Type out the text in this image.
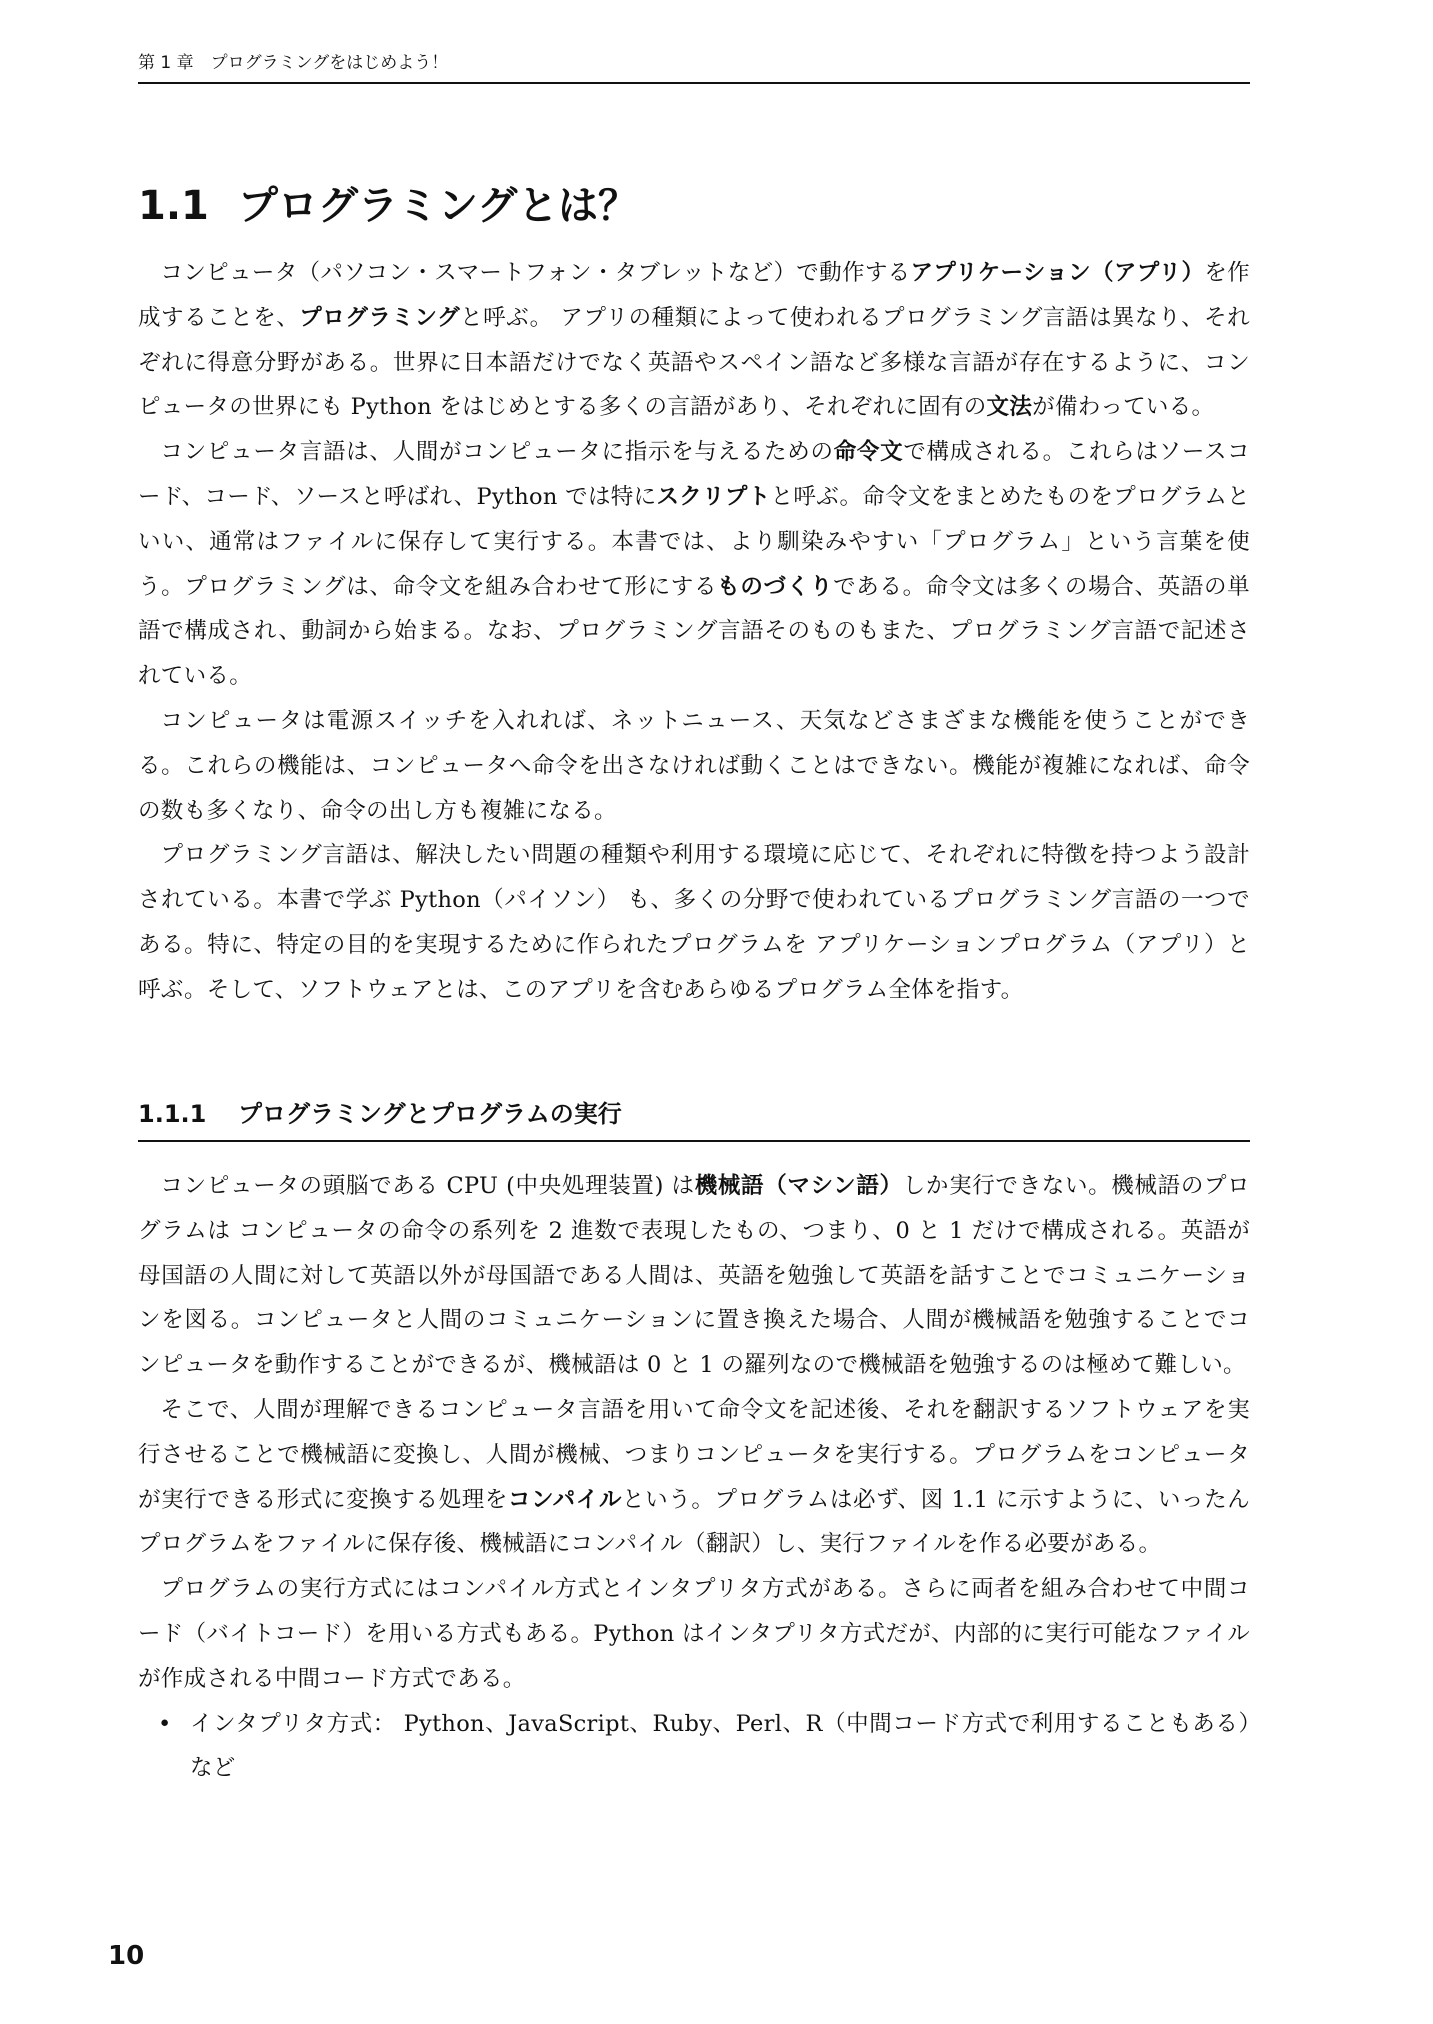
第 1 章　プログラミングをはじめよう！
1.1 プログラミングとは？

コンピュータ（パソコン・スマートフォン・タブレットなど）で動作するアプリケーション（アプリ）を作成することを、プログラミングと呼ぶ。 アプリの種類によって使われるプログラミング言語は異なり、それぞれに得意分野がある。世界に日本語だけでなく英語やスペイン語など多様な言語が存在するように、コンピュータの世界にも Python をはじめとする多くの言語があり、それぞれに固有の文法が備わっている。

コンピュータ言語は、人間がコンピュータに指示を与えるための命令文で構成される。これらはソースコード、コード、ソースと呼ばれ、Python では特にスクリプトと呼ぶ。命令文をまとめたものをプログラムといい、通常はファイルに保存して実行する。本書では、より馴染みやすい「プログラム」という言葉を使う。プログラミングは、命令文を組み合わせて形にするものづくりである。命令文は多くの場合、英語の単語で構成され、動詞から始まる。なお、プログラミング言語そのものもまた、プログラミング言語で記述されている。

コンピュータは電源スイッチを入れれば、ネットニュース、天気などさまざまな機能を使うことができる。これらの機能は、コンピュータへ命令を出さなければ動くことはできない。機能が複雑になれば、命令の数も多くなり、命令の出し方も複雑になる。

プログラミング言語は、解決したい問題の種類や利用する環境に応じて、それぞれに特徴を持つよう設計されている。本書で学ぶ Python（パイソン） も、多くの分野で使われているプログラミング言語の一つである。特に、特定の目的を実現するために作られたプログラムを アプリケーションプログラム（アプリ）と呼ぶ。そして、ソフトウェアとは、このアプリを含むあらゆるプログラム全体を指す。

1.1.1 プログラミングとプログラムの実行

コンピュータの頭脳である CPU (中央処理装置) は機械語（マシン語）しか実行できない。機械語のプログラムは コンピュータの命令の系列を 2 進数で表現したもの、つまり、0 と 1 だけで構成される。英語が母国語の人間に対して英語以外が母国語である人間は、英語を勉強して英語を話すことでコミュニケーションを図る。コンピュータと人間のコミュニケーションに置き換えた場合、人間が機械語を勉強することでコンピュータを動作することができるが、機械語は 0 と 1 の羅列なので機械語を勉強するのは極めて難しい。

そこで、人間が理解できるコンピュータ言語を用いて命令文を記述後、それを翻訳するソフトウェアを実行させることで機械語に変換し、人間が機械、つまりコンピュータを実行する。プログラムをコンピュータが実行できる形式に変換する処理をコンパイルという。プログラムは必ず、図 1.1 に示すように、いったんプログラムをファイルに保存後、機械語にコンパイル（翻訳）し、実行ファイルを作る必要がある。

プログラムの実行方式にはコンパイル方式とインタプリタ方式がある。さらに両者を組み合わせて中間コード（バイトコード）を用いる方式もある。Python はインタプリタ方式だが、内部的に実行可能なファイルが作成される中間コード方式である。

• インタプリタ方式： Python、JavaScript、Ruby、Perl、R（中間コード方式で利用することもある）など
10
